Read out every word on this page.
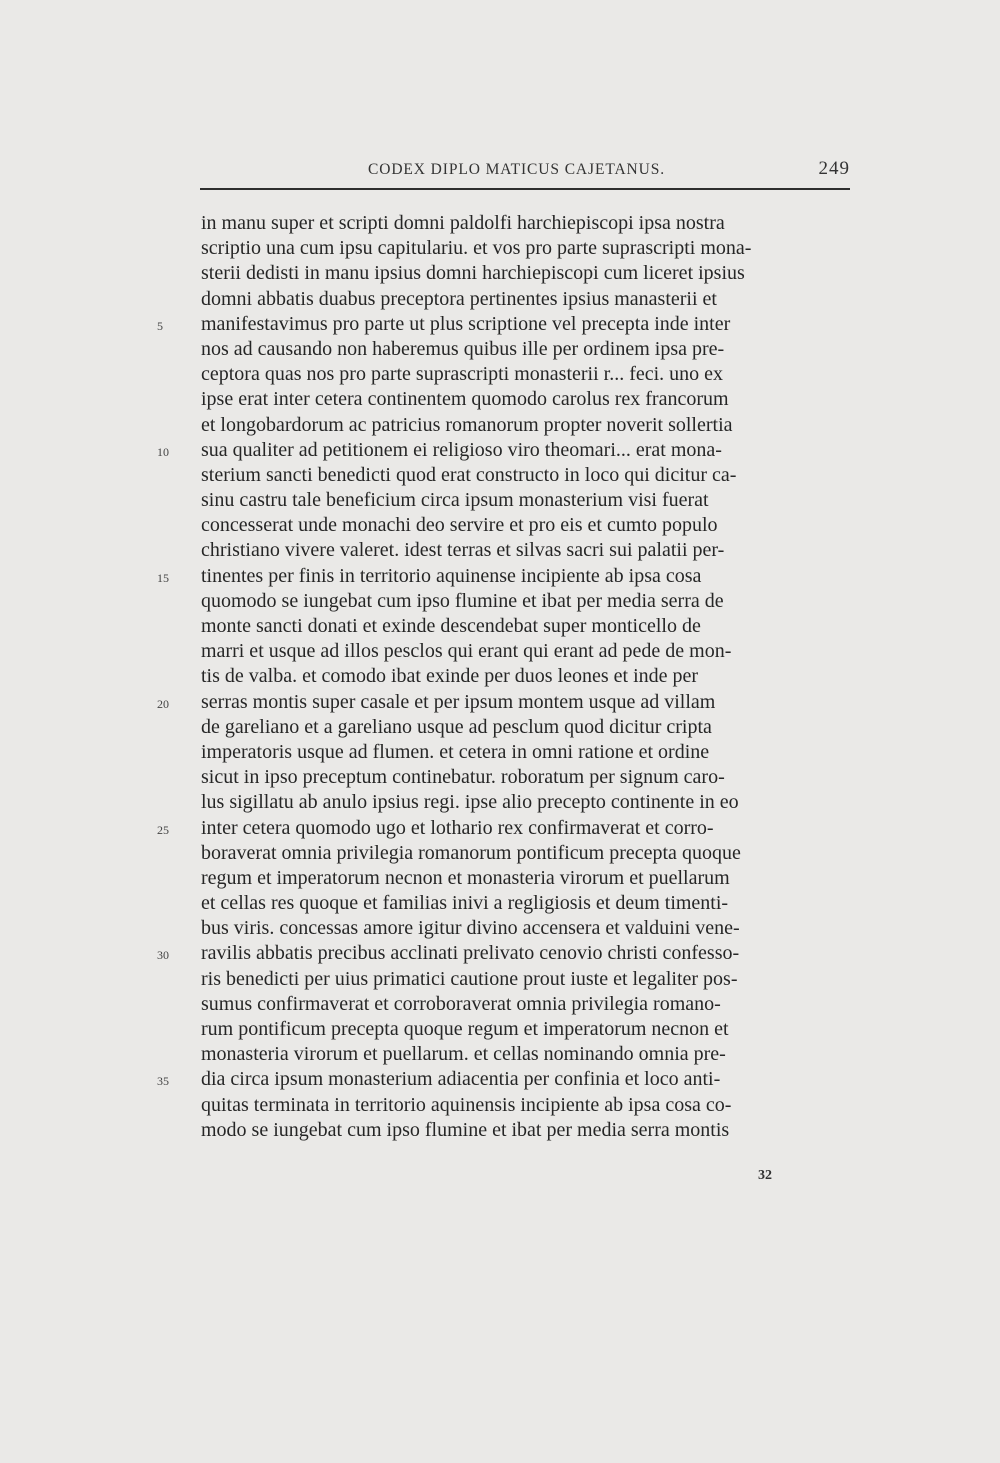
CODEX DIPLO MATICUS CAJETANUS.	249
in manu super et scripti domni paldolfi harchiepiscopi ipsa nostra
scriptio una cum ipsu capitulariu. et vos pro parte suprascripti mona-
sterii dedisti in manu ipsius domni harchiepiscopi cum liceret ipsius
domni abbatis duabus preceptora pertinentes ipsius manasterii et
manifestavimus pro parte ut plus scriptione vel precepta inde inter
5
nos ad causando non haberemus quibus ille per ordinem ipsa pre-
ceptora quas nos pro parte suprascripti monasterii r... feci. uno ex
ipse erat inter cetera continentem quomodo carolus rex francorum
et longobardorum ac patricius romanorum propter noverit sollertia
sua qualiter ad petitionem ei religioso viro theomari... erat mona-
10
sterium sancti benedicti quod erat constructo in loco qui dicitur ca-
sinu castru tale beneficium circa ipsum monasterium visi fuerat
concesserat unde monachi deo servire et pro eis et cumto populo
christiano vivere valeret. idest terras et silvas sacri sui palatii per-
tinentes per finis in territorio aquinense incipiente ab ipsa cosa
15
quomodo se iungebat cum ipso flumine et ibat per media serra de
monte sancti donati et exinde descendebat super monticello de
marri et usque ad illos pesclos qui erant qui erant ad pede de mon-
tis de valba. et comodo ibat exinde per duos leones et inde per
serras montis super casale et per ipsum montem usque ad villam
20
de gareliano et a gareliano usque ad pesclum quod dicitur cripta
imperatoris usque ad flumen. et cetera in omni ratione et ordine
sicut in ipso preceptum continebatur. roboratum per signum caro-
lus sigillatu ab anulo ipsius regi. ipse alio precepto continente in eo
inter cetera quomodo ugo et lothario rex confirmaverat et corro-
25
boraverat omnia privilegia romanorum pontificum precepta quoque
regum et imperatorum necnon et monasteria virorum et puellarum
et cellas res quoque et familias inivi a regligiosis et deum timenti-
bus viris. concessas amore igitur divino accensera et valduini vene-
ravilis abbatis precibus acclinati prelivato cenovio christi confesso-
30
ris benedicti per uius primatici cautione prout iuste et legaliter pos-
sumus confirmaverat et corroboraverat omnia privilegia romano-
rum pontificum precepta quoque regum et imperatorum necnon et
monasteria virorum et puellarum. et cellas nominando omnia pre-
dia circa ipsum monasterium adiacentia per confinia et loco anti-
35
quitas terminata in territorio aquinensis incipiente ab ipsa cosa co-
modo se iungebat cum ipso flumine et ibat per media serra montis
32
